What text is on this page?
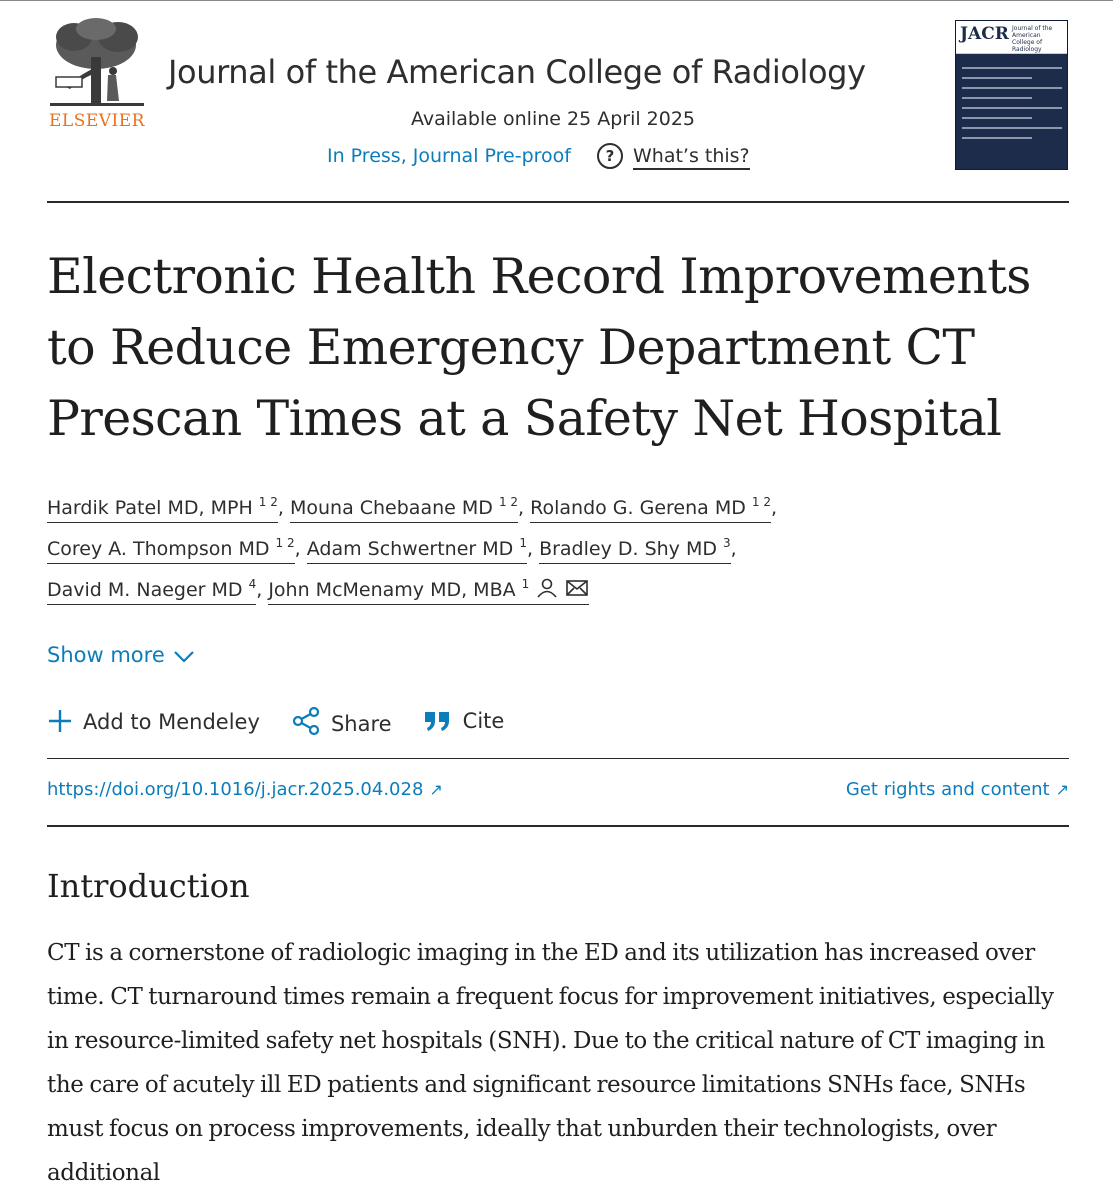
ELSEVIER
Journal of the American College of Radiology
Available online 25 April 2025
In Press, Journal Pre-proof ? What’s this?
JACR Journal of the American College of Radiology
Electronic Health Record Improvements to Reduce Emergency Department CT Prescan Times at a Safety Net Hospital
Hardik Patel MD, MPH $^{1 2}$, Mouna Chebaane MD $^{1 2}$, Rolando G. Gerena MD $^{1 2}$,
Corey A. Thompson MD $^{1 2}$, Adam Schwertner MD $^1$, Bradley D. Shy MD $^3$,
David M. Naeger MD $^4$, John McMenamy MD, MBA $^1$
Show more
Add to Mendeley	Share	Cite
https://doi.org/10.1016/j.jacr.2025.04.028 ↗	Get rights and content ↗
Introduction

CT is a cornerstone of radiologic imaging in the ED and its utilization has increased over time. CT turnaround times remain a frequent focus for improvement initiatives, especially in resource-limited safety net hospitals (SNH). Due to the critical nature of CT imaging in the care of acutely ill ED patients and significant resource limitations SNHs face, SNHs must focus on process improvements, ideally that unburden their technologists, over additional
